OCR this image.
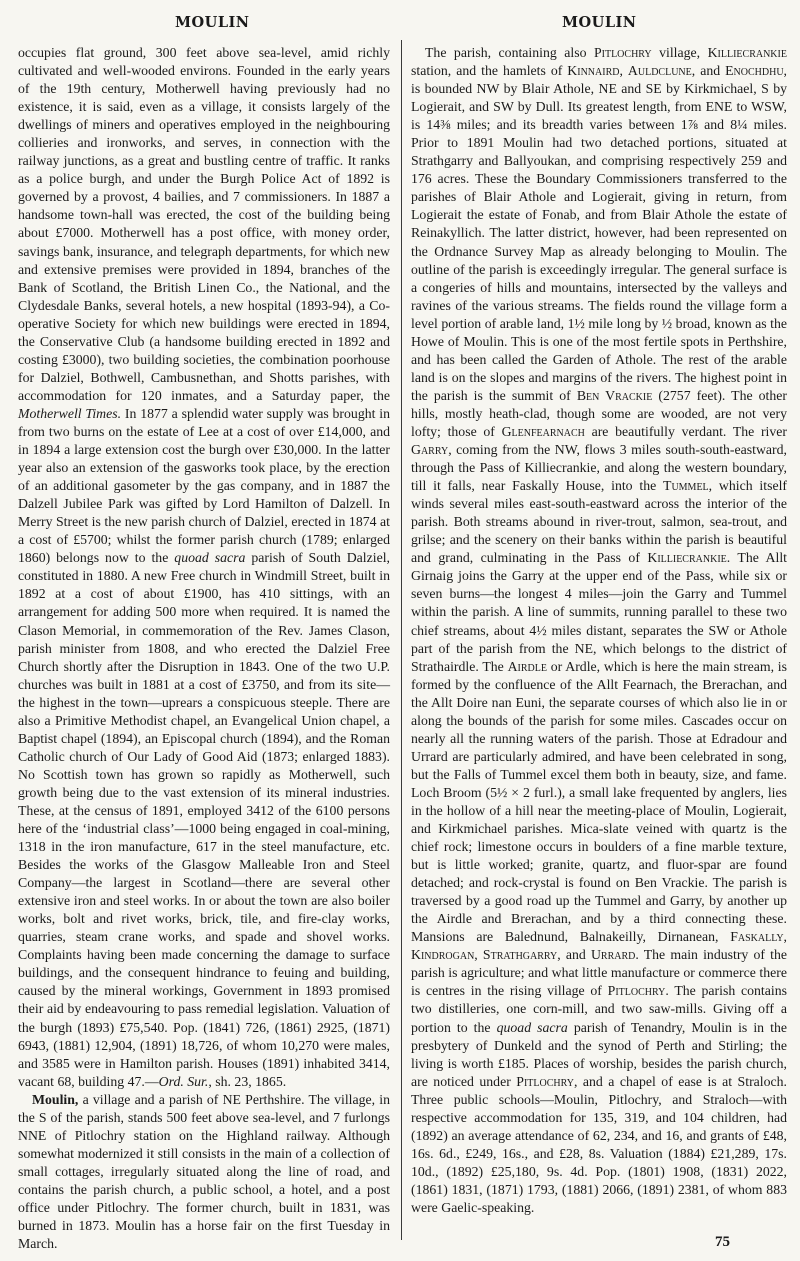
MOULIN	MOULIN

occupies flat ground, 300 feet above sea-level, amid richly cultivated and well-wooded environs. Founded in the early years of the 19th century, Motherwell having previously had no existence, it is said, even as a village, it consists largely of the dwellings of miners and operatives employed in the neighbouring collieries and ironworks, and serves, in connection with the railway junctions, as a great and bustling centre of traffic. It ranks as a police burgh, and under the Burgh Police Act of 1892 is governed by a provost, 4 bailies, and 7 commissioners. In 1887 a handsome town-hall was erected, the cost of the building being about £7000. Motherwell has a post office, with money order, savings bank, insurance, and telegraph departments, for which new and extensive premises were provided in 1894, branches of the Bank of Scotland, the British Linen Co., the National, and the Clydesdale Banks, several hotels, a new hospital (1893-94), a Co-operative Society for which new buildings were erected in 1894, the Conservative Club (a handsome building erected in 1892 and costing £3000), two building societies, the combination poorhouse for Dalziel, Bothwell, Cambusnethan, and Shotts parishes, with accommodation for 120 inmates, and a Saturday paper, the Motherwell Times. In 1877 a splendid water supply was brought in from two burns on the estate of Lee at a cost of over £14,000, and in 1894 a large extension cost the burgh over £30,000. In the latter year also an extension of the gasworks took place, by the erection of an additional gasometer by the gas company, and in 1887 the Dalzell Jubilee Park was gifted by Lord Hamilton of Dalzell. In Merry Street is the new parish church of Dalziel, erected in 1874 at a cost of £5700; whilst the former parish church (1789; enlarged 1860) belongs now to the quoad sacra parish of South Dalziel, constituted in 1880. A new Free church in Windmill Street, built in 1892 at a cost of about £1900, has 410 sittings, with an arrangement for adding 500 more when required. It is named the Clason Memorial, in commemoration of the Rev. James Clason, parish minister from 1808, and who erected the Dalziel Free Church shortly after the Disruption in 1843. One of the two U.P. churches was built in 1881 at a cost of £3750, and from its site—the highest in the town—uprears a conspicuous steeple. There are also a Primitive Methodist chapel, an Evangelical Union chapel, a Baptist chapel (1894), an Episcopal church (1894), and the Roman Catholic church of Our Lady of Good Aid (1873; enlarged 1883). No Scottish town has grown so rapidly as Motherwell, such growth being due to the vast extension of its mineral industries. These, at the census of 1891, employed 3412 of the 6100 persons here of the ‘industrial class’—1000 being engaged in coal-mining, 1318 in the iron manufacture, 617 in the steel manufacture, etc. Besides the works of the Glasgow Malleable Iron and Steel Company—the largest in Scotland—there are several other extensive iron and steel works. In or about the town are also boiler works, bolt and rivet works, brick, tile, and fire-clay works, quarries, steam crane works, and spade and shovel works. Complaints having been made concerning the damage to surface buildings, and the consequent hindrance to feuing and building, caused by the mineral workings, Government in 1893 promised their aid by endeavouring to pass remedial legislation. Valuation of the burgh (1893) £75,540. Pop. (1841) 726, (1861) 2925, (1871) 6943, (1881) 12,904, (1891) 18,726, of whom 10,270 were males, and 3585 were in Hamilton parish. Houses (1891) inhabited 3414, vacant 68, building 47.—Ord. Sur., sh. 23, 1865.

Moulin, a village and a parish of NE Perthshire. The village, in the S of the parish, stands 500 feet above sea-level, and 7 furlongs NNE of Pitlochry station on the Highland railway. Although somewhat modernized it still consists in the main of a collection of small cottages, irregularly situated along the line of road, and contains the parish church, a public school, a hotel, and a post office under Pitlochry. The former church, built in 1831, was burned in 1873. Moulin has a horse fair on the first Tuesday in March.

The parish, containing also Pitlochry village, Killiecrankie station, and the hamlets of Kinnaird, Auldclune, and Enochdhu, is bounded NW by Blair Athole, NE and SE by Kirkmichael, S by Logierait, and SW by Dull. Its greatest length, from ENE to WSW, is 14⅜ miles; and its breadth varies between 1⅞ and 8¼ miles. Prior to 1891 Moulin had two detached portions, situated at Strathgarry and Ballyoukan, and comprising respectively 259 and 176 acres. These the Boundary Commissioners transferred to the parishes of Blair Athole and Logierait, giving in return, from Logierait the estate of Fonab, and from Blair Athole the estate of Reinakyllich. The latter district, however, had been represented on the Ordnance Survey Map as already belonging to Moulin. The outline of the parish is exceedingly irregular. The general surface is a congeries of hills and mountains, intersected by the valleys and ravines of the various streams. The fields round the village form a level portion of arable land, 1½ mile long by ½ broad, known as the Howe of Moulin. This is one of the most fertile spots in Perthshire, and has been called the Garden of Athole. The rest of the arable land is on the slopes and margins of the rivers. The highest point in the parish is the summit of Ben Vrackie (2757 feet). The other hills, mostly heath-clad, though some are wooded, are not very lofty; those of Glenfearnach are beautifully verdant. The river Garry, coming from the NW, flows 3 miles south-south-eastward, through the Pass of Killiecrankie, and along the western boundary, till it falls, near Faskally House, into the Tummel, which itself winds several miles east-south-eastward across the interior of the parish. Both streams abound in river-trout, salmon, sea-trout, and grilse; and the scenery on their banks within the parish is beautiful and grand, culminating in the Pass of Killiecrankie. The Allt Girnaig joins the Garry at the upper end of the Pass, while six or seven burns—the longest 4 miles—join the Garry and Tummel within the parish. A line of summits, running parallel to these two chief streams, about 4½ miles distant, separates the SW or Athole part of the parish from the NE, which belongs to the district of Strathairdle. The Airdle or Ardle, which is here the main stream, is formed by the confluence of the Allt Fearnach, the Brerachan, and the Allt Doire nan Euni, the separate courses of which also lie in or along the bounds of the parish for some miles. Cascades occur on nearly all the running waters of the parish. Those at Edradour and Urrard are particularly admired, and have been celebrated in song, but the Falls of Tummel excel them both in beauty, size, and fame. Loch Broom (5½ × 2 furl.), a small lake frequented by anglers, lies in the hollow of a hill near the meeting-place of Moulin, Logierait, and Kirkmichael parishes. Mica-slate veined with quartz is the chief rock; limestone occurs in boulders of a fine marble texture, but is little worked; granite, quartz, and fluor-spar are found detached; and rock-crystal is found on Ben Vrackie. The parish is traversed by a good road up the Tummel and Garry, by another up the Airdle and Brerachan, and by a third connecting these. Mansions are Balednund, Balnakeilly, Dirnanean, Faskally, Kindrogan, Strathgarry, and Urrard. The main industry of the parish is agriculture; and what little manufacture or commerce there is centres in the rising village of Pitlochry. The parish contains two distilleries, one corn-mill, and two saw-mills. Giving off a portion to the quoad sacra parish of Tenandry, Moulin is in the presbytery of Dunkeld and the synod of Perth and Stirling; the living is worth £185. Places of worship, besides the parish church, are noticed under Pitlochry, and a chapel of ease is at Straloch. Three public schools—Moulin, Pitlochry, and Straloch—with respective accommodation for 135, 319, and 104 children, had (1892) an average attendance of 62, 234, and 16, and grants of £48, 16s. 6d., £249, 16s., and £28, 8s. Valuation (1884) £21,289, 17s. 10d., (1892) £25,180, 9s. 4d. Pop. (1801) 1908, (1831) 2022, (1861) 1831, (1871) 1793, (1881) 2066, (1891) 2381, of whom 883 were Gaelic-speaking.

75
